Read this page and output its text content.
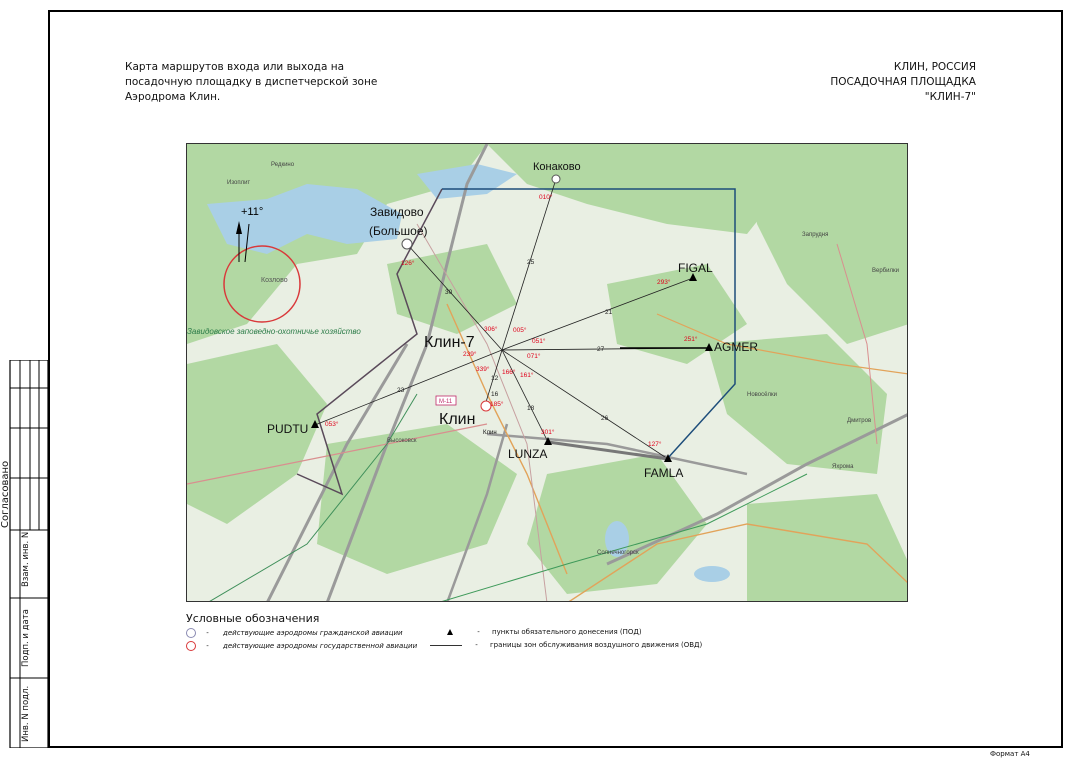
Согласовано
Взам. инв. N
Подп. и дата
Инв. N подл.
Карта маршрутов входа или выхода на
посадочную площадку в диспетчерской зоне
Аэродрома Клин.
КЛИН, РОССИЯ
ПОСАДОЧНАЯ ПЛОЩАДКА
"КЛИН-7"
+11°
Конаково
Завидово
(Большое)
Клин-7
Клин
Клин
Козлово
Высоковск
Солнечногорск
Дмитров
Яхрома
Запрудня
Вербилки
Новосёлки
Редкино
Изоплит
Завидовское заповедно-охотничье хозяйство
М-11
FIGAL
AGMER
PUDTU
LUNZA
FAMLA
293°
251°
053°
051°
071°
126°
239°
306° 005°
010°
339°
185°
166° 161°
127°
301°
21
27
23
26
18
12
16
25
30
Условные обозначения
- действующие аэродромы гражданской авиации
- действующие аэродромы государственной авиации
- пункты обязательного донесения (ПОД)
- границы зон обслуживания воздушного движения (ОВД)
Формат А4
